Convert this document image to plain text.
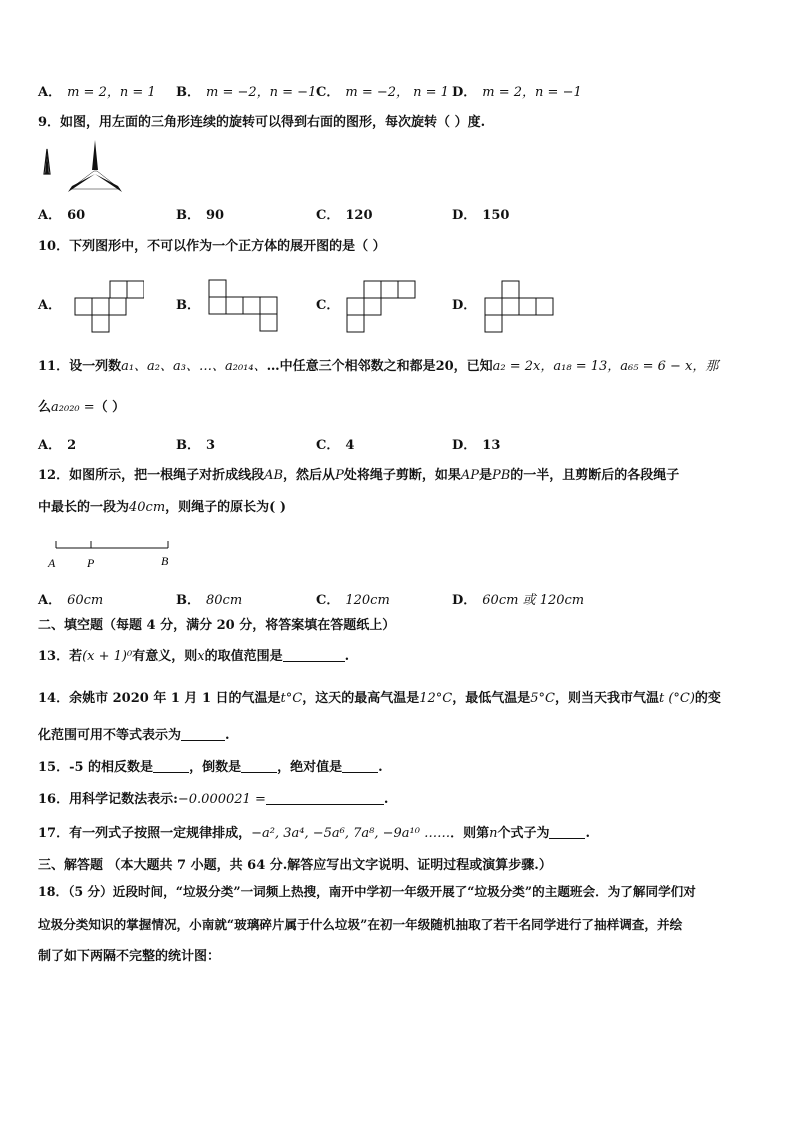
A． m = 2，n = 1 B． m = −2，n = −1 C． m = −2， n = 1 D． m = 2，n = −1
9．如图，用左面的三角形连续的旋转可以得到右面的图形，每次旋转（ ）度.
A． 60	B． 90	C． 120	D． 150
10．下列图形中，不可以作为一个正方体的展开图的是（ ）
A．	B．	C．	D．
11．设一列数a₁、a₂、a₃、…、a₂₀₁₄、…中任意三个相邻数之和都是20，已知a₂ = 2x，a₁₈ = 13，a₆₅ = 6 − x，那
么a₂₀₂₀ =（ ）
A． 2	B． 3	C． 4	D． 13
12．如图所示，把一根绳子对折成线段AB，然后从P处将绳子剪断，如果AP是PB的一半，且剪断后的各段绳子
中最长的一段为40cm，则绳子的原长为( )
A	P	B
A． 60cm	B． 80cm	C． 120cm	D． 60cm 或 120cm
二、填空题（每题 4 分，满分 20 分，将答案填在答题纸上）
13．若(x + 1)⁰有意义，则x的取值范围是	.
14．余姚市 2020 年 1 月 1 日的气温是t°C，这天的最高气温是12°C，最低气温是5°C，则当天我市气温t (°C)的变
化范围可用不等式表示为	.
15．-5 的相反数是	，倒数是	，绝对值是	.
16．用科学记数法表示:−0.000021 =	.
17．有一列式子按照一定规律排成，−a², 3a⁴, −5a⁶, 7a⁸, −9a¹⁰ ……．则第n个式子为	.
三、解答题 （本大题共 7 小题，共 64 分.解答应写出文字说明、证明过程或演算步骤.）
18．（5 分）近段时间，“垃圾分类”一词频上热搜，南开中学初一年级开展了“垃圾分类”的主题班会．为了解同学们对
垃圾分类知识的掌握情况，小南就“玻璃碎片属于什么垃圾”在初一年级随机抽取了若干名同学进行了抽样调查，并绘
制了如下两隔不完整的统计图：
